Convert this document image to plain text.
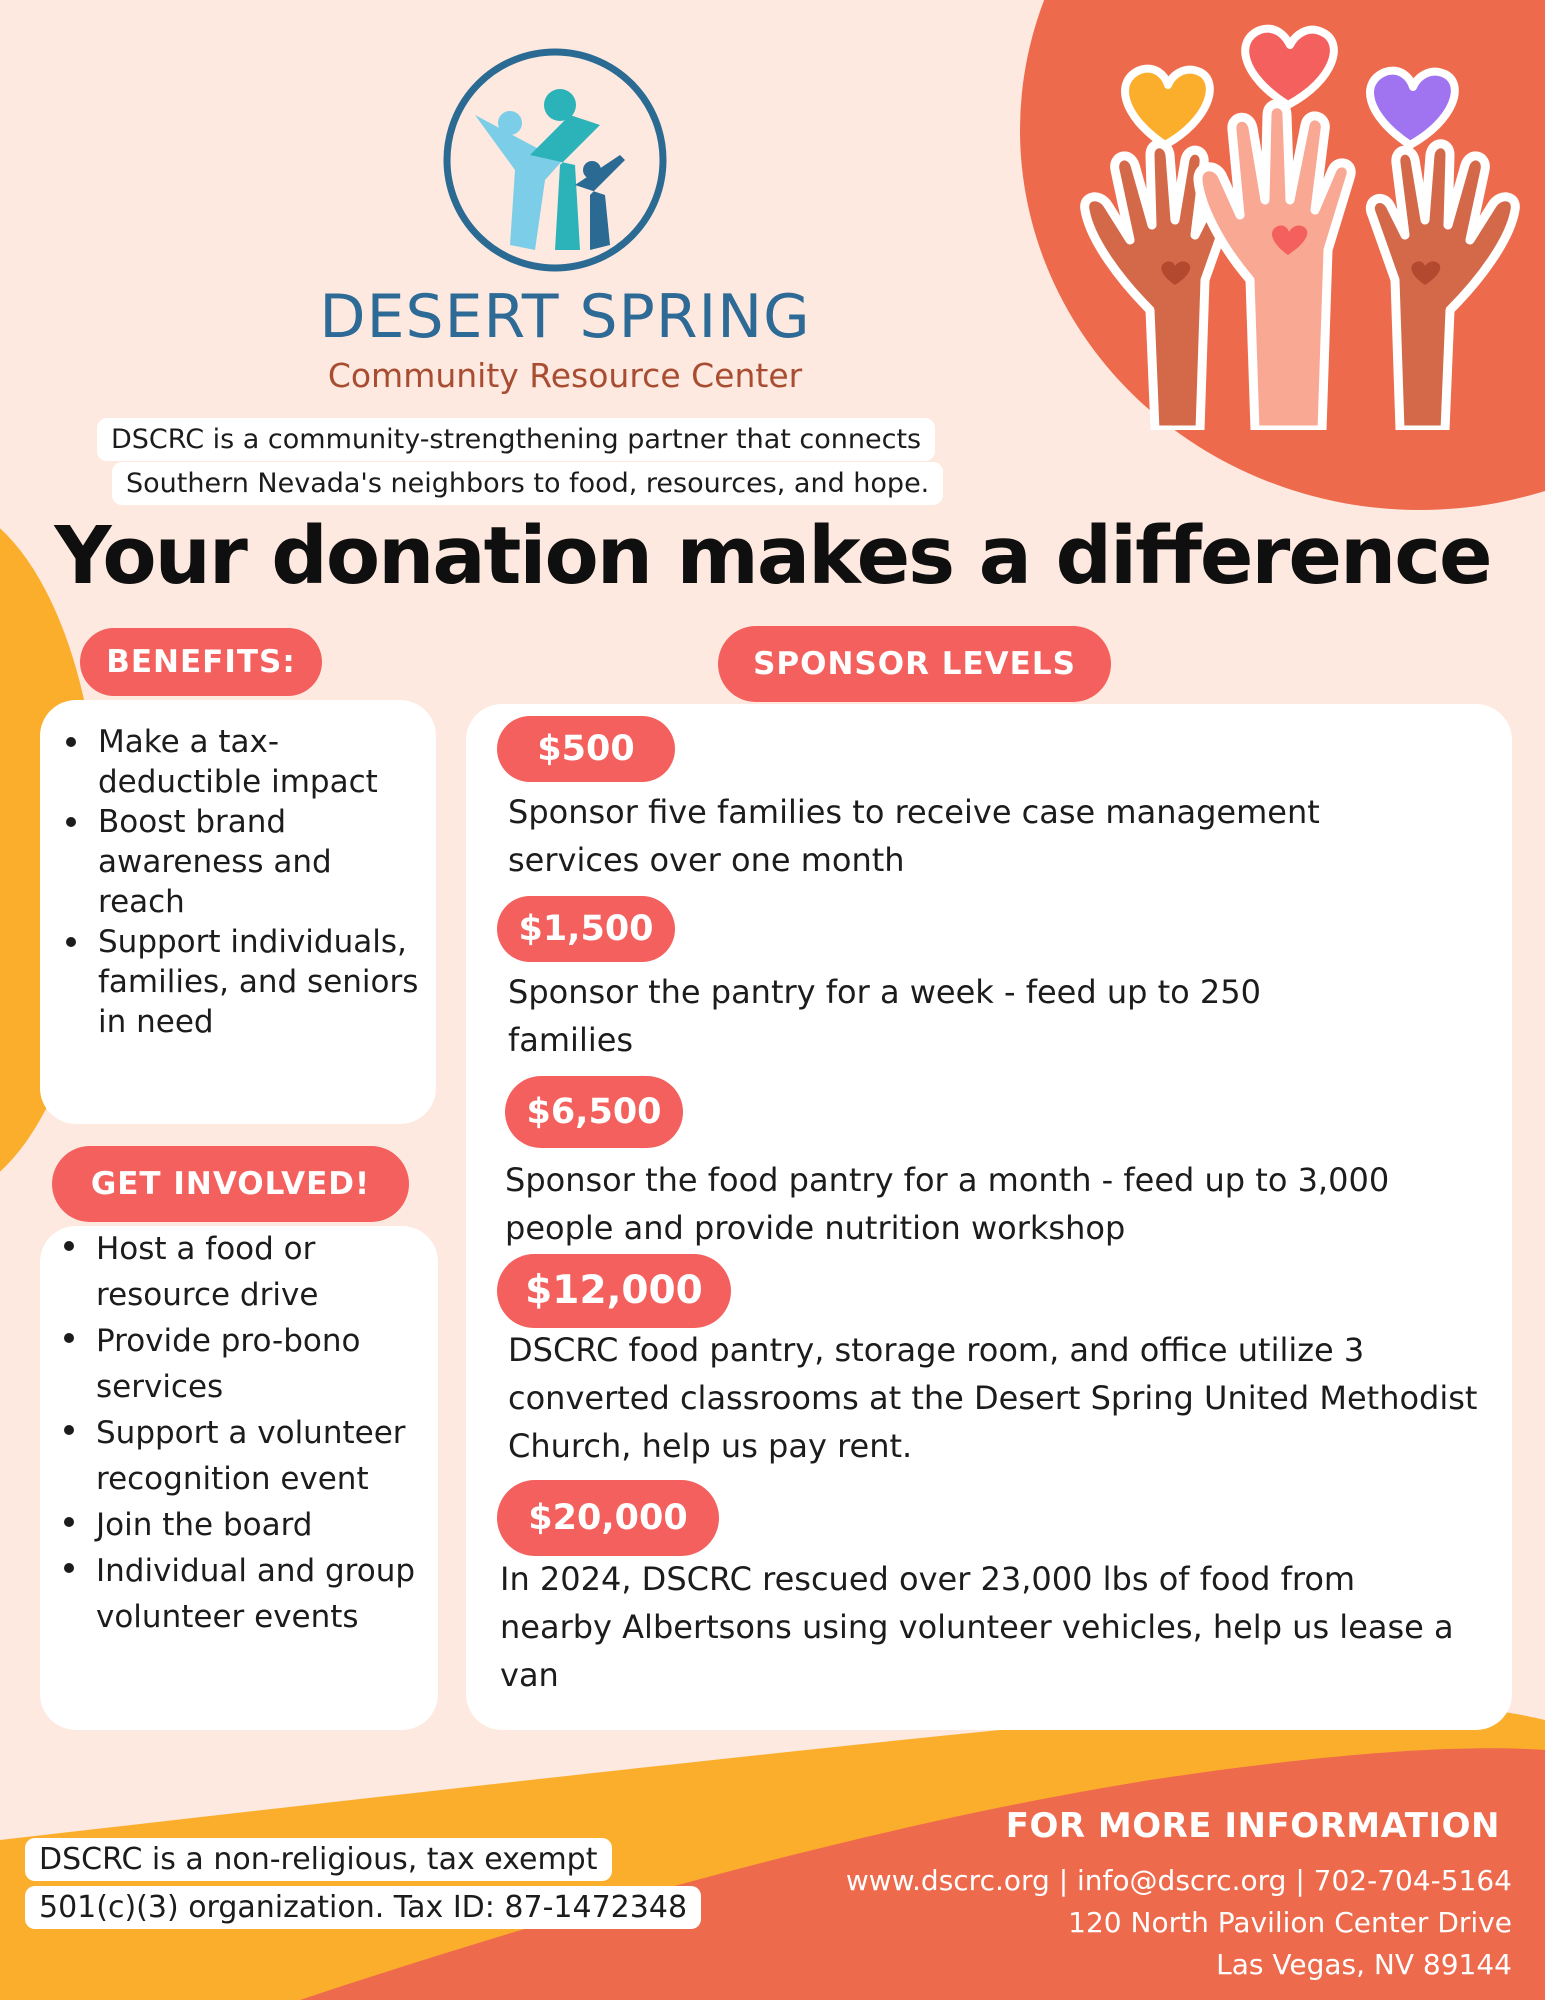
DESERT SPRING
Community Resource Center
DSCRC is a community-strengthening partner that connects
Southern Nevada's neighbors to food, resources, and hope.
Your donation makes a difference
BENEFITS:
Make a tax-deductible impact
Boost brand awareness and reach
Support individuals, families, and seniors in need
GET INVOLVED!
Host a food or resource drive
Provide pro-bono services
Support a volunteer recognition event
Join the board
Individual and group volunteer events
SPONSOR LEVELS
$500
Sponsor five families to receive case management services over one month
$1,500
Sponsor the pantry for a week - feed up to 250 families
$6,500
Sponsor the food pantry for a month - feed up to 3,000 people and provide nutrition workshop
$12,000
DSCRC food pantry, storage room, and office utilize 3 converted classrooms at the Desert Spring United Methodist Church, help us pay rent.
$20,000
In 2024, DSCRC rescued over 23,000 lbs of food from nearby Albertsons using volunteer vehicles, help us lease a van
DSCRC is a non-religious, tax exempt
501(c)(3) organization. Tax ID: 87-1472348
FOR MORE INFORMATION
www.dscrc.org | info@dscrc.org | 702-704-5164
120 North Pavilion Center Drive
Las Vegas, NV 89144
